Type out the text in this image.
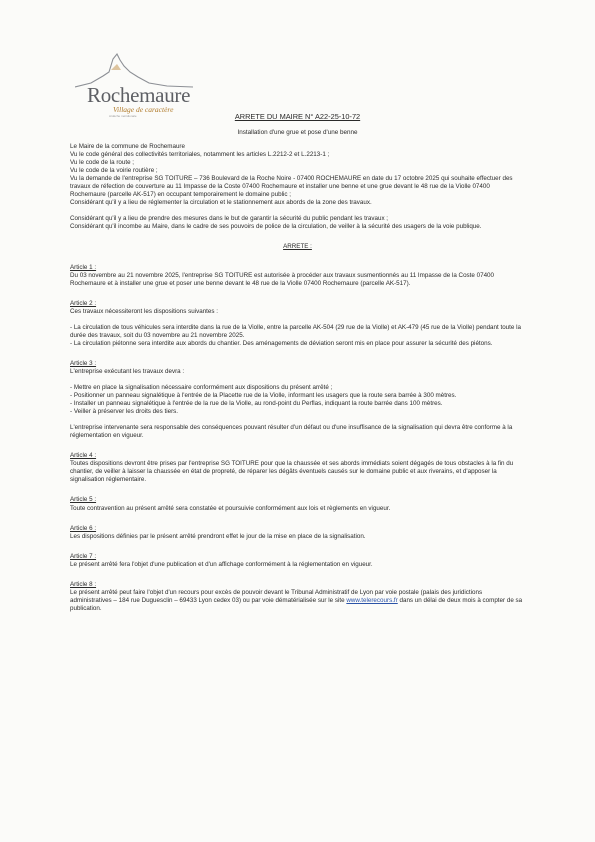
Rochemaure

Village de caractère
Ardèche méridionale	ARRETE DU MAIRE N° A22-25-10-72

Installation d'une grue et pose d'une benne

Le Maire de la commune de Rochemaure

Vu le code général des collectivités territoriales, notamment les articles L.2212-2 et L.2213-1 ;

Vu le code de la route ;

Vu le code de la voirie routière ;

Vu la demande de l'entreprise SG TOITURE – 736 Boulevard de la Roche Noire - 07400 ROCHEMAURE en date du 17 octobre 2025 qui souhaite effectuer des travaux de réfection de couverture au 11 Impasse de la Coste 07400 Rochemaure et installer une benne et une grue devant le 48 rue de la Violle 07400 Rochemaure (parcelle AK-517) en occupant temporairement le domaine public ;

Considérant qu'il y a lieu de réglementer la circulation et le stationnement aux abords de la zone des travaux.

Considérant qu'il y a lieu de prendre des mesures dans le but de garantir la sécurité du public pendant les travaux ;

Considérant qu'il incombe au Maire, dans le cadre de ses pouvoirs de police de la circulation, de veiller à la sécurité des usagers de la voie publique.

ARRETE :

Article 1 :

Du 03 novembre au 21 novembre 2025, l'entreprise SG TOITURE est autorisée à procéder aux travaux susmentionnés au 11 Impasse de la Coste 07400 Rochemaure et à installer une grue et poser une benne devant le 48 rue de la Violle 07400 Rochemaure (parcelle AK-517).

Article 2 :

Ces travaux nécessiteront les dispositions suivantes :

- La circulation de tous véhicules sera interdite dans la rue de la Violle, entre la parcelle AK-504 (29 rue de la Violle) et AK-479 (45 rue de la Violle) pendant toute la durée des travaux, soit du 03 novembre au 21 novembre 2025.

- La circulation piétonne sera interdite aux abords du chantier. Des aménagements de déviation seront mis en place pour assurer la sécurité des piétons.

Article 3 :

L'entreprise exécutant les travaux devra :

- Mettre en place la signalisation nécessaire conformément aux dispositions du présent arrêté ;

- Positionner un panneau signalétique à l'entrée de la Placette rue de la Violle, informant les usagers que la route sera barrée à 300 mètres.

- Installer un panneau signalétique à l'entrée de la rue de la Violle, au rond-point du Perflas, indiquant la route barrée dans 100 mètres.

- Veiller à préserver les droits des tiers.

L'entreprise intervenante sera responsable des conséquences pouvant résulter d'un défaut ou d'une insuffisance de la signalisation qui devra être conforme à la réglementation en vigueur.

Article 4 :

Toutes dispositions devront être prises par l'entreprise SG TOITURE pour que la chaussée et ses abords immédiats soient dégagés de tous obstacles à la fin du chantier, de veiller à laisser la chaussée en état de propreté, de réparer les dégâts éventuels causés sur le domaine public et aux riverains, et d'apposer la signalisation réglementaire.

Article 5 :

Toute contravention au présent arrêté sera constatée et poursuivie conformément aux lois et règlements en vigueur.

Article 6 :

Les dispositions définies par le présent arrêté prendront effet le jour de la mise en place de la signalisation.

Article 7 :

Le présent arrêté fera l'objet d'une publication et d'un affichage conformément à la réglementation en vigueur.

Article 8 :

Le présent arrêté peut faire l'objet d'un recours pour excès de pouvoir devant le Tribunal Administratif de Lyon par voie postale (palais des juridictions administratives – 184 rue Duguesclin – 69433 Lyon cedex 03) ou par voie dématérialisée sur le site www.telerecours.fr dans un délai de deux mois à compter de sa publication.
